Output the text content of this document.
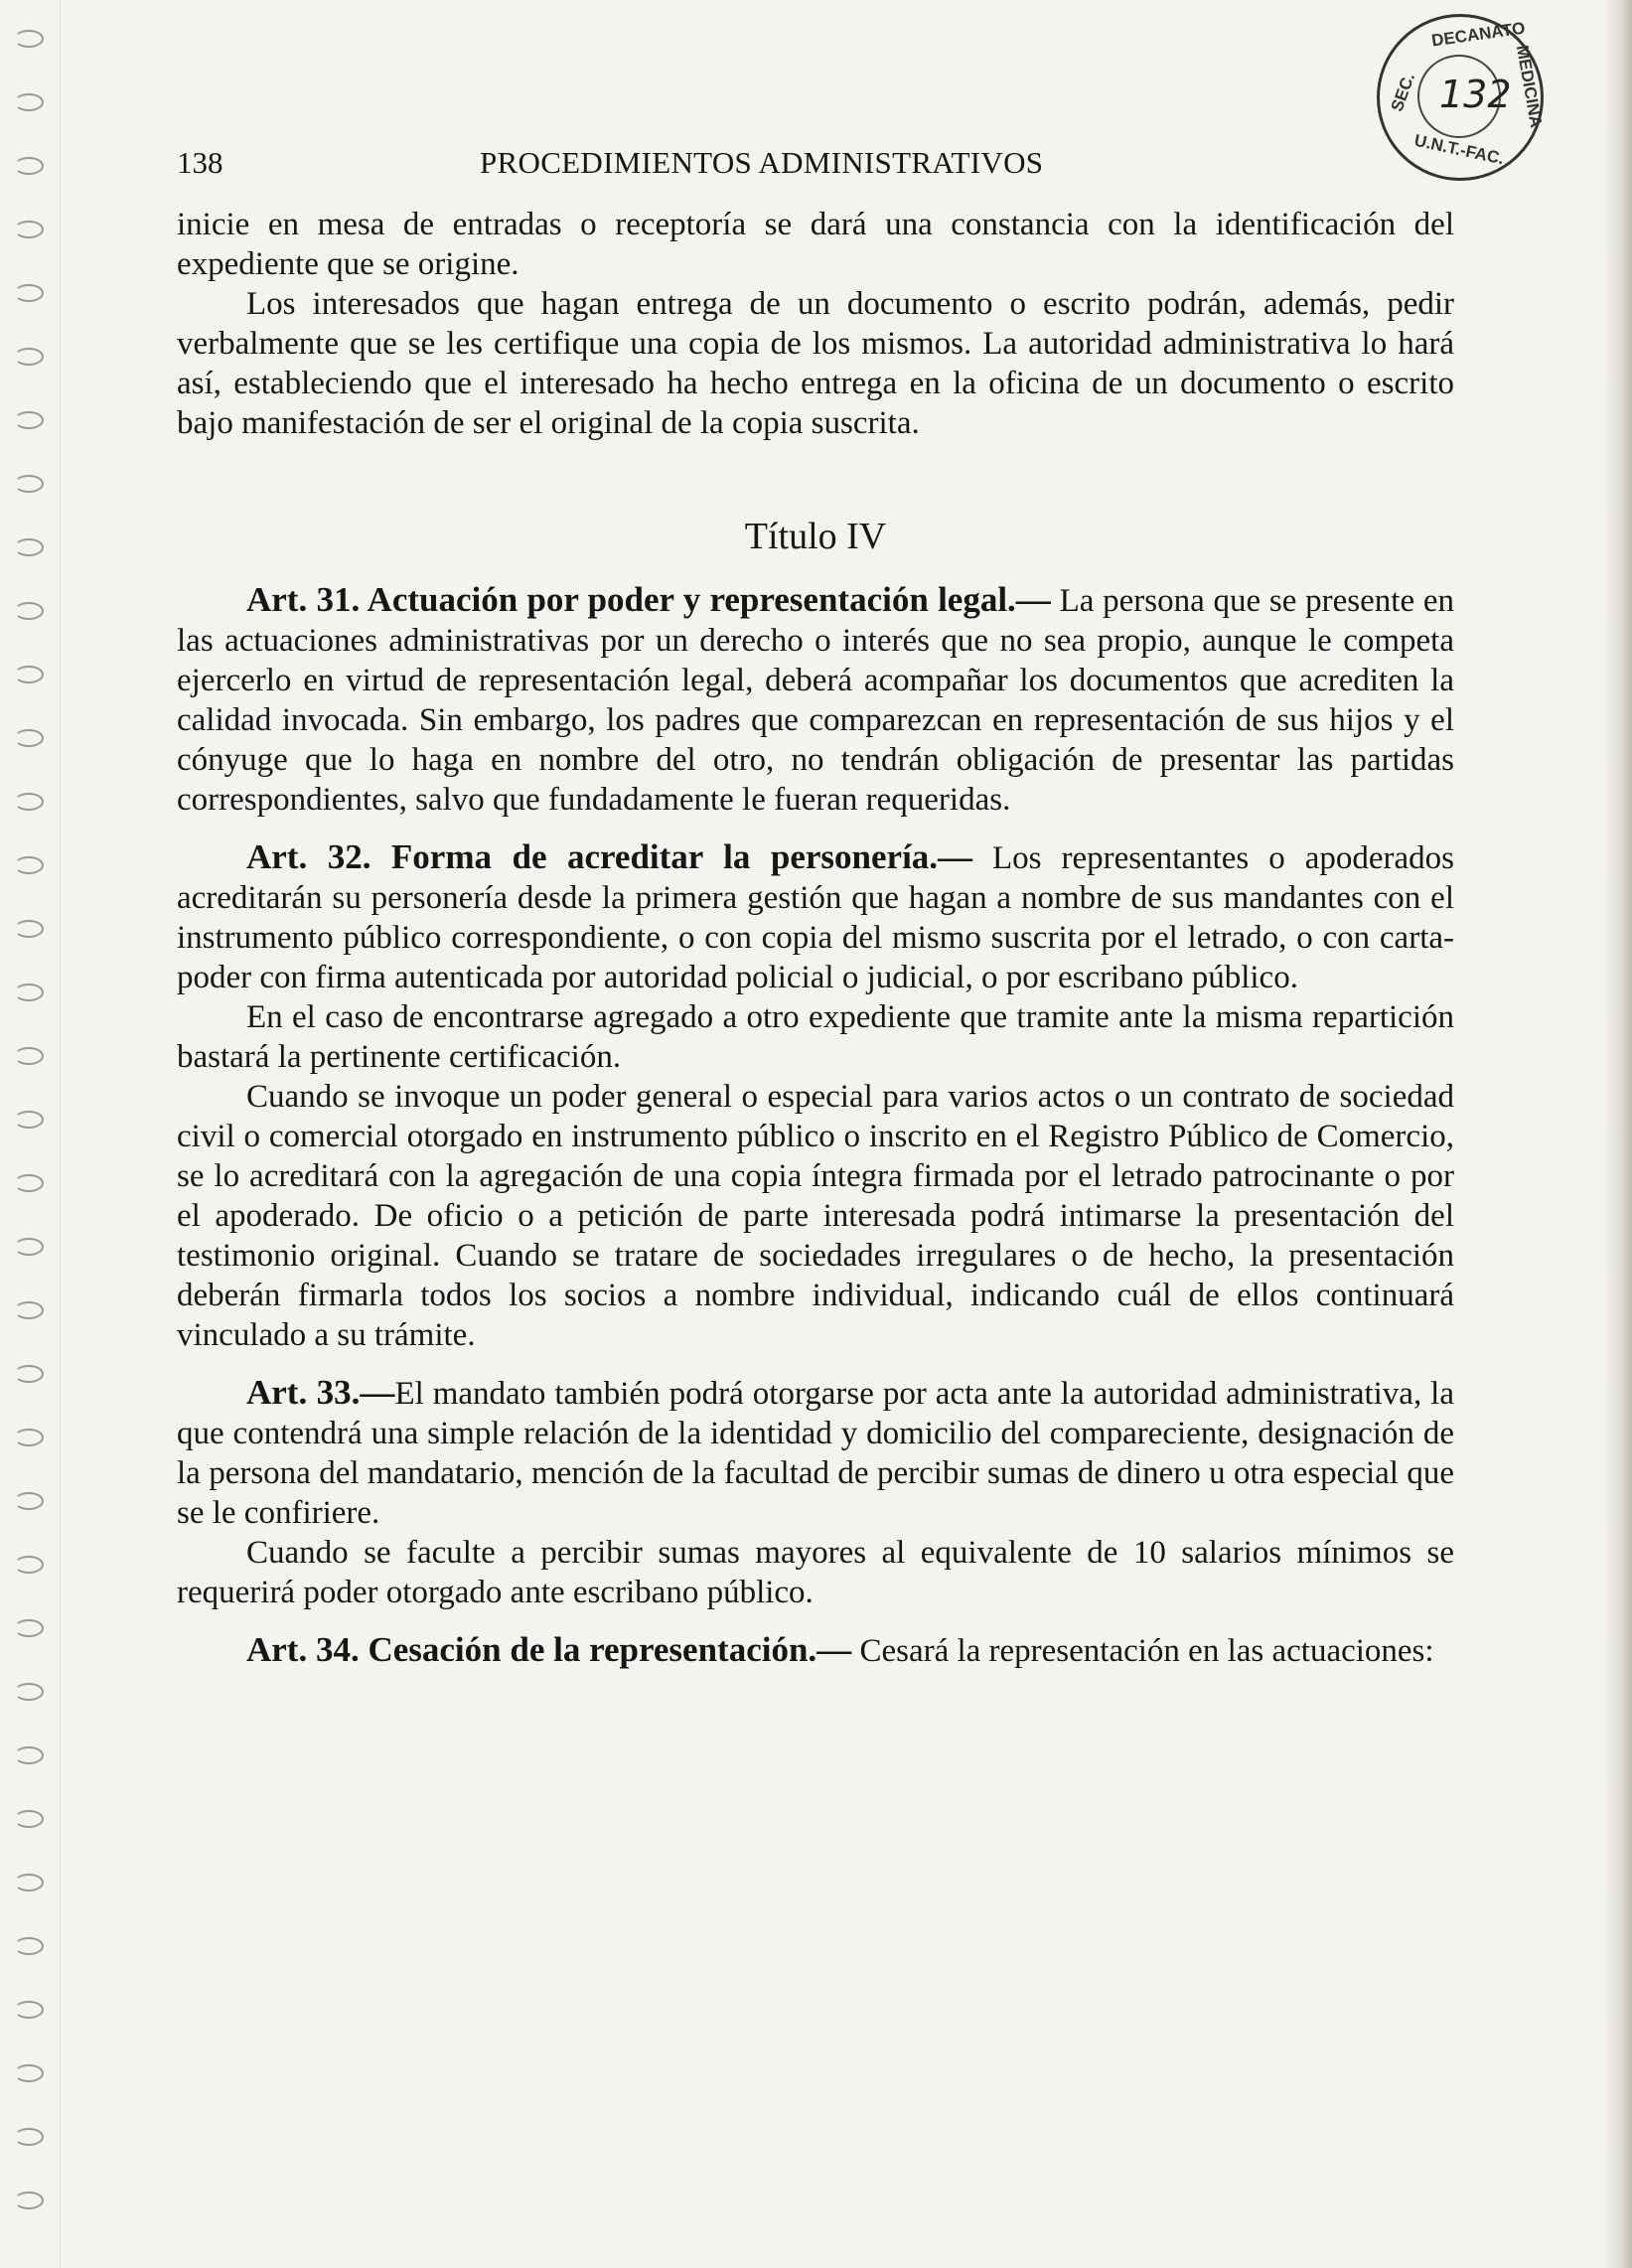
DECANATO
SEC.	MEDICINA
U.N.T.-FAC.
132
138	PROCEDIMIENTOS ADMINISTRATIVOS

inicie en mesa de entradas o receptoría se dará una constancia con la identificación del expediente que se origine.

Los interesados que hagan entrega de un documento o escrito podrán, además, pedir verbalmente que se les certifique una copia de los mismos. La autoridad administrativa lo hará así, estableciendo que el interesado ha hecho entrega en la oficina de un documento o escrito bajo manifestación de ser el original de la copia suscrita.

Título IV

Art. 31. Actuación por poder y representación legal.— La persona que se presente en las actuaciones administrativas por un derecho o interés que no sea propio, aunque le competa ejercerlo en virtud de representación legal, deberá acompañar los documentos que acrediten la calidad invocada. Sin embargo, los padres que comparezcan en representación de sus hijos y el cónyuge que lo haga en nombre del otro, no tendrán obligación de presentar las partidas correspondientes, salvo que fundadamente le fueran requeridas.

Art. 32. Forma de acreditar la personería.— Los representantes o apoderados acreditarán su personería desde la primera gestión que hagan a nombre de sus mandantes con el instrumento público correspondiente, o con copia del mismo suscrita por el letrado, o con carta-poder con firma autenticada por autoridad policial o judicial, o por escribano público.

En el caso de encontrarse agregado a otro expediente que tramite ante la misma repartición bastará la pertinente certificación.

Cuando se invoque un poder general o especial para varios actos o un contrato de sociedad civil o comercial otorgado en instrumento público o inscrito en el Registro Público de Comercio, se lo acreditará con la agregación de una copia íntegra firmada por el letrado patrocinante o por el apoderado. De oficio o a petición de parte interesada podrá intimarse la presentación del testimonio original. Cuando se tratare de sociedades irregulares o de hecho, la presentación deberán firmarla todos los socios a nombre individual, indicando cuál de ellos continuará vinculado a su trámite.

Art. 33.—El mandato también podrá otorgarse por acta ante la autoridad administrativa, la que contendrá una simple relación de la identidad y domicilio del compareciente, designación de la persona del mandatario, mención de la facultad de percibir sumas de dinero u otra especial que se le confiriere.

Cuando se faculte a percibir sumas mayores al equivalente de 10 salarios mínimos se requerirá poder otorgado ante escribano público.

Art. 34. Cesación de la representación.— Cesará la representación en las actuaciones:
